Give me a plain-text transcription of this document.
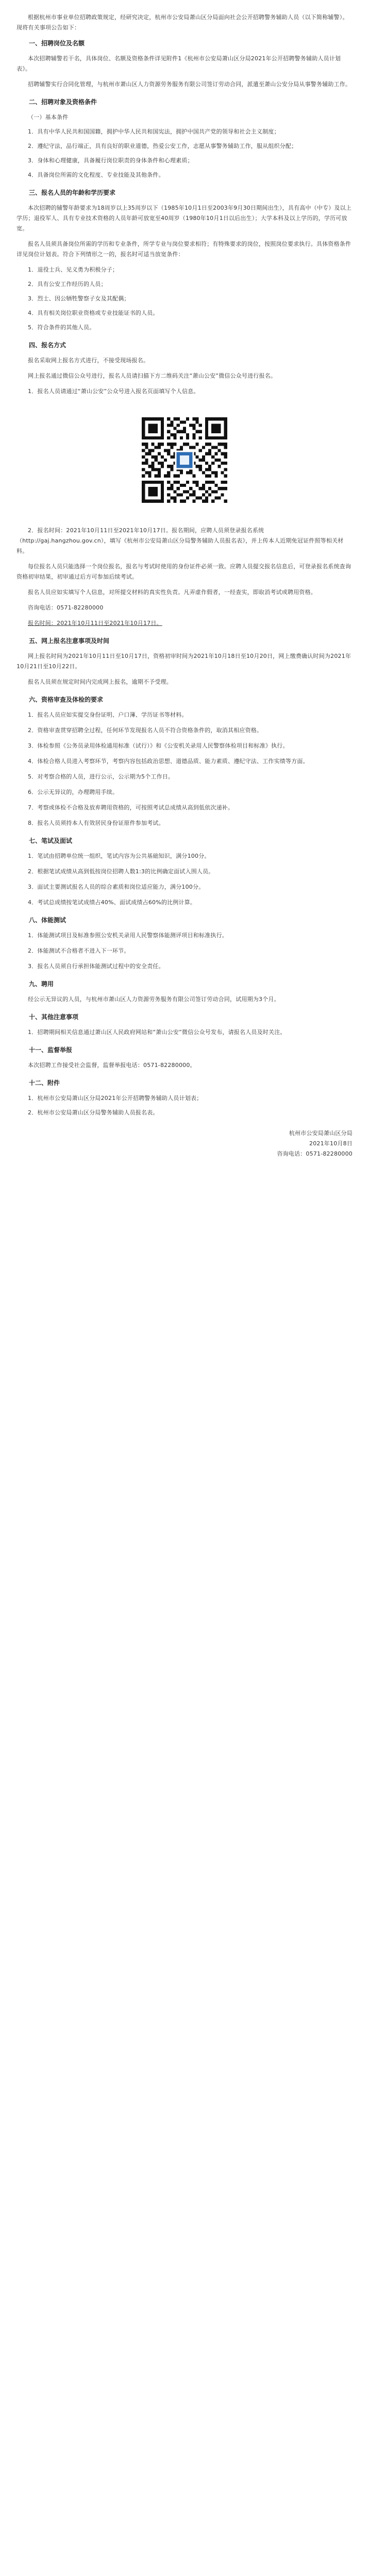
根据杭州市事业单位招聘政策规定，经研究决定，杭州市公安局萧山区分局面向社会公开招聘警务辅助人员（以下简称辅警）。现将有关事项公告如下：

一、招聘岗位及名额

本次招聘辅警若干名，具体岗位、名额及资格条件详见附件1《杭州市公安局萧山区分局2021年公开招聘警务辅助人员计划表》。

招聘辅警实行合同化管理，与杭州市萧山区人力资源劳务服务有限公司签订劳动合同，派遣至萧山公安分局从事警务辅助工作。

二、招聘对象及资格条件

（一）基本条件

1．具有中华人民共和国国籍，拥护中华人民共和国宪法，拥护中国共产党的领导和社会主义制度；

2．遵纪守法，品行端正，具有良好的职业道德，热爱公安工作，志愿从事警务辅助工作，服从组织分配；

3．身体和心理健康，具备履行岗位职责的身体条件和心理素质；

4．具备岗位所需的文化程度、专业技能及其他条件。

三、报名人员的年龄和学历要求

本次招聘的辅警年龄要求为18周岁以上35周岁以下（1985年10月1日至2003年9月30日期间出生），具有高中（中专）及以上学历；退役军人、具有专业技术资格的人员年龄可放宽至40周岁（1980年10月1日以后出生）；大学本科及以上学历的，学历可放宽。

报名人员须具备岗位所需的学历和专业条件，所学专业与岗位要求相符；有特殊要求的岗位，按照岗位要求执行。具体资格条件详见岗位计划表。符合下列情形之一的，报名时可适当放宽条件：

1．退役士兵、见义勇为积极分子；

2．具有公安工作经历的人员；

3．烈士、因公牺牲警察子女及其配偶；

4．具有相关岗位职业资格或专业技能证书的人员。

5．符合条件的其他人员。

四、报名方式

报名采取网上报名方式进行，不接受现场报名。

网上报名通过微信公众号进行，报名人员请扫描下方二维码关注“萧山公安”微信公众号进行报名。

1．报名人员请通过“萧山公安”公众号进入报名页面填写个人信息。

2．报名时间：2021年10月11日至2021年10月17日。报名期间，应聘人员须登录报名系统（http://gaj.hangzhou.gov.cn），填写《杭州市公安局萧山区分局警务辅助人员报名表》，并上传本人近期免冠证件照等相关材料。

每位报名人员只能选择一个岗位报名，报名与考试时使用的身份证件必须一致。应聘人员提交报名信息后，可登录报名系统查询资格初审结果，初审通过后方可参加后续考试。

报名人员应如实填写个人信息，对所提交材料的真实性负责。凡弄虚作假者，一经查实，即取消考试或聘用资格。

咨询电话：0571-82280000

报名时间：2021年10月11日至2021年10月17日。

五、网上报名注意事项及时间

网上报名时间为2021年10月11日至10月17日，资格初审时间为2021年10月18日至10月20日，网上缴费确认时间为2021年10月21日至10月22日。

报名人员须在规定时间内完成网上报名，逾期不予受理。

六、资格审查及体检的要求

1．报名人员应如实提交身份证明、户口簿、学历证书等材料。

2．资格审查贯穿招聘全过程，任何环节发现报名人员不符合资格条件的，取消其相应资格。

3．体检参照《公务员录用体检通用标准（试行）》和《公安机关录用人民警察体检项目和标准》执行。

4．体检合格人员进入考察环节，考察内容包括政治思想、道德品质、能力素质、遵纪守法、工作实绩等方面。

5．对考察合格的人员，进行公示，公示期为5个工作日。

6．公示无异议的，办理聘用手续。

7．考察或体检不合格及放弃聘用资格的，可按照考试总成绩从高到低依次递补。

8．报名人员须持本人有效居民身份证原件参加考试。

七、笔试及面试

1．笔试由招聘单位统一组织，笔试内容为公共基础知识，满分100分。

2．根据笔试成绩从高到低按岗位招聘人数1:3的比例确定面试入围人员。

3．面试主要测试报名人员的综合素质和岗位适应能力，满分100分。

4．考试总成绩按笔试成绩占40%、面试成绩占60%的比例计算。

八、体能测试

1．体能测试项目及标准参照公安机关录用人民警察体能测评项目和标准执行。

2．体能测试不合格者不进入下一环节。

3．报名人员须自行承担体能测试过程中的安全责任。

九、聘用

经公示无异议的人员，与杭州市萧山区人力资源劳务服务有限公司签订劳动合同，试用期为3个月。

十、其他注意事项

1．招聘期间相关信息通过萧山区人民政府网站和“萧山公安”微信公众号发布，请报名人员及时关注。

十一、监督举报

本次招聘工作接受社会监督，监督举报电话：0571-82280000。

十二、附件

1．杭州市公安局萧山区分局2021年公开招聘警务辅助人员计划表；

2．杭州市公安局萧山区分局警务辅助人员报名表。

杭州市公安局萧山区分局

2021年10月8日

咨询电话：0571-82280000
